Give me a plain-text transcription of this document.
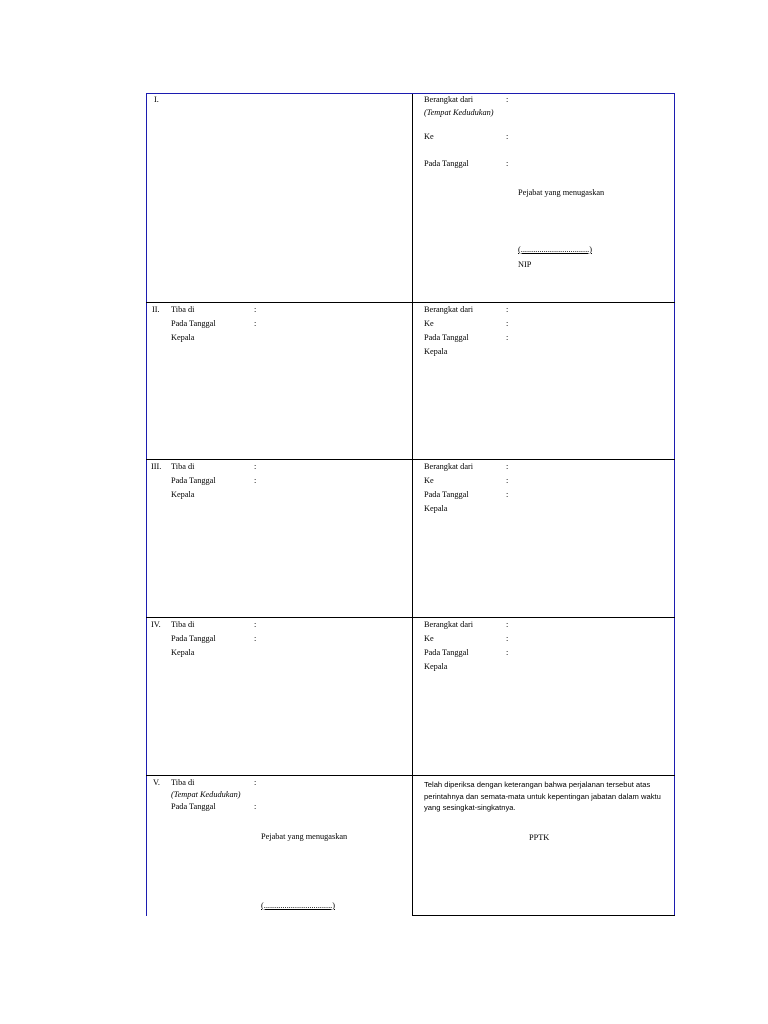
I.	Berangkat dari	:
(Tempat Kedudukan)
Ke	:
Pada Tanggal	:
Pejabat yang menugaskan
(.................................)
NIP
II. Tiba di	:
Pada Tanggal	:
Kepala
Berangkat dari	:
Ke	:
Pada Tanggal	:
Kepala
III. Tiba di	:
Pada Tanggal	:
Kepala
Berangkat dari	:
Ke	:
Pada Tanggal	:
Kepala
IV. Tiba di	:
Pada Tanggal	:
Kepala
Berangkat dari	:
Ke	:
Pada Tanggal	:
Kepala
V. Tiba di	:
(Tempat Kedudukan)
Pada Tanggal	:
Pejabat yang menugaskan
(.................................)
Telah diperiksa dengan keterangan bahwa perjalanan tersebut atas perintahnya dan semata-mata untuk kepentingan jabatan dalam waktu yang sesingkat-singkatnya.
PPTK
